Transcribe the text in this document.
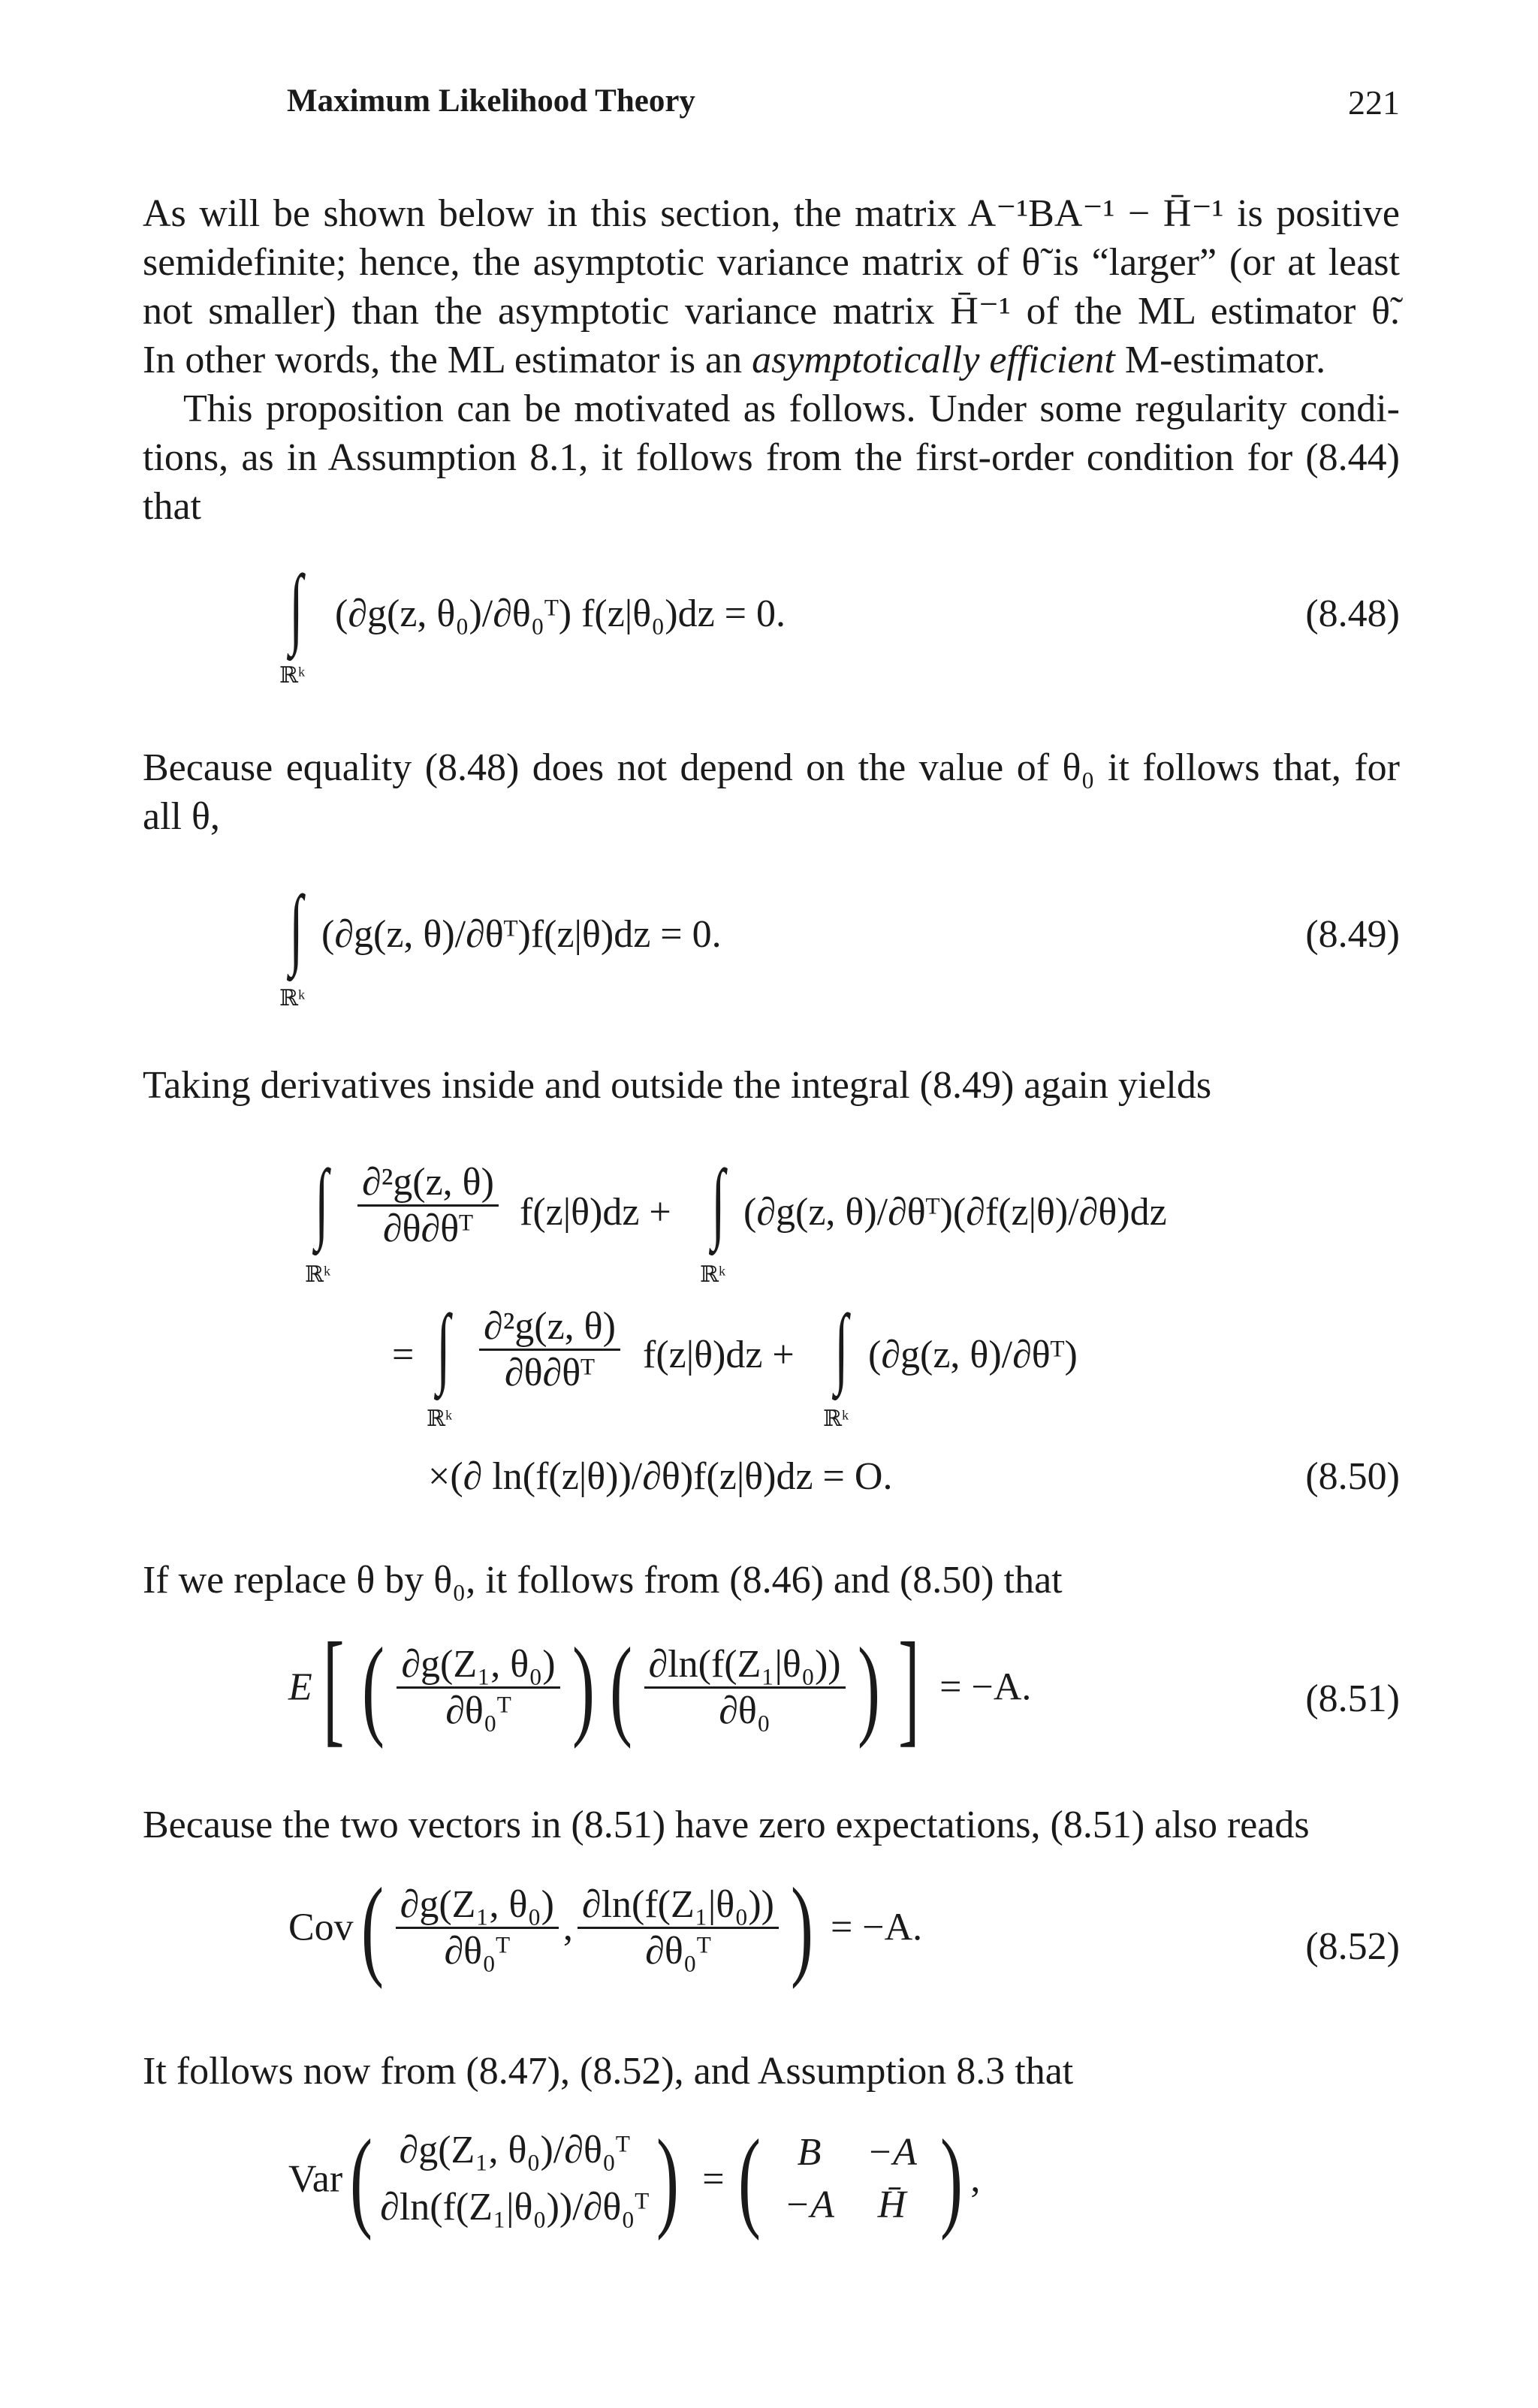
Maximum Likelihood Theory	221
As will be shown below in this section, the matrix A⁻¹BA⁻¹ − H̄⁻¹ is positive
semidefinite; hence, the asymptotic variance matrix of θ̃ is “larger” (or at least
not smaller) than the asymptotic variance matrix H̄⁻¹ of the ML estimator θ̃.
In other words, the ML estimator is an asymptotically efficient M-estimator.
This proposition can be motivated as follows. Under some regularity condi-
tions, as in Assumption 8.1, it follows from the first-order condition for (8.44)
that
∫
ℝᵏ
(∂g(z, θ₀)/∂θ₀ᵀ) f(z|θ₀)dz = 0.	(8.48)
Because equality (8.48) does not depend on the value of θ₀ it follows that, for
all θ,
∫
ℝᵏ
(∂g(z, θ)/∂θᵀ)f(z|θ)dz = 0.	(8.49)
Taking derivatives inside and outside the integral (8.49) again yields
∫
ℝᵏ
$\frac{\text{∂²g(z, θ)}}{\text{∂θ∂θᵀ}} f(z|\theta)dz$ + ∫
ℝᵏ
(∂g(z, θ)/∂θᵀ)(∂f(z|θ)/∂θ)dz
= ∫
ℝᵏ
$\frac{\text{∂²g(z, θ)}}{\text{∂θ∂θᵀ}} f(z|\theta)dz$ + ∫
ℝᵏ
(∂g(z, θ)/∂θᵀ)
×(∂ ln(f(z|θ))/∂θ)f(z|θ)dz = O.	(8.50)
If we replace θ by θ₀, it follows from (8.46) and (8.50) that
E[ ( $\frac{\text{∂g(Z₁, θ₀)}}{\text{∂θ₀ᵀ}}$ ) ( $\frac{\text{∂ln(f(Z₁|θ₀))}}{\text{∂θ₀}}$ ) ] = −A.	(8.51)
Because the two vectors in (8.51) have zero expectations, (8.51) also reads
$Cov( \frac{\text{∂g(Z₁, θ₀)}}{\text{∂θ₀ᵀ}}$ , $\frac{\text{∂ln(f(Z₁|θ₀))}}{\text{∂θ₀ᵀ}}$ ) = −A.	(8.52)
It follows now from (8.47), (8.52), and Assumption 8.3 that
Var( ∂g(Z₁, θ₀)/∂θ₀ᵀ
∂ln(f(Z₁|θ₀))/∂θ₀ᵀ ) = ( B −A
−A H̄ ) ,
